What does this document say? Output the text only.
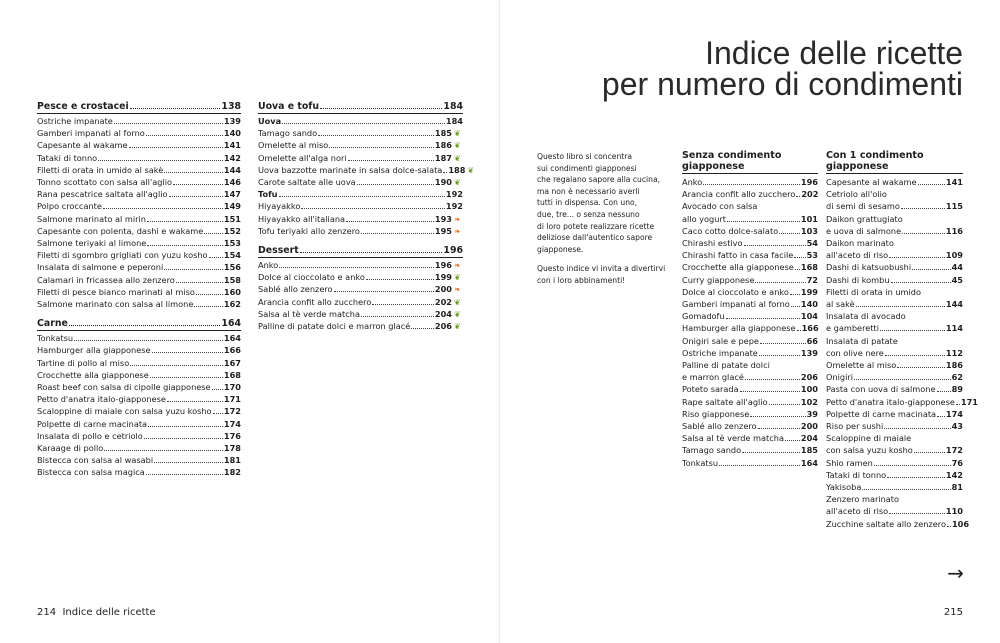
Indice delle ricette
per numero di condimenti
Pesce e crostacei	138
Ostriche impanate	139
Gamberi impanati al forno	140
Capesante al wakame	141
Tataki di tonno	142
Filetti di orata in umido al sakè	144
Tonno scottato con salsa all'aglio	146
Rana pescatrice saltata all'aglio	147
Polpo croccante	149
Salmone marinato al mirin	151
Capesante con polenta, dashi e wakame	152
Salmone teriyaki al limone	153
Filetti di sgombro grigliati con yuzu kosho 154
Insalata di salmone e peperoni	156
Calamari in fricassea allo zenzero	158
Filetti di pesce bianco marinati al miso	160
Salmone marinato con salsa al limone	162
Carne	164
Tonkatsu	164
Hamburger alla giapponese	166
Tartine di pollo al miso	167
Crocchette alla giapponese	168
Roast beef con salsa di cipolle giapponese 170
Petto d'anatra italo-giapponese	171
Scaloppine di maiale con salsa yuzu kosho 172
Polpette di carne macinata	174
Insalata di pollo e cetriolo	176
Karaage di pollo	178
Bistecca con salsa al wasabi	181
Bistecca con salsa magica	182
Uova e tofu	184
Uova	184
Tamago sando	185 ❦
Omelette al miso	186 ❦
Omelette all'alga nori	187 ❦
Uova bazzotte marinate in salsa dolce-salata 188 ❦
Carote saltate alle uova	190 ❦
Tofu	192
Hiyayakko	192
Hiyayakko all'italiana	193 ❧
Tofu teriyaki allo zenzero	195 ❧
Dessert	196
Anko	196 ❧
Dolce al cioccolato e anko	199 ❦
Sablé allo zenzero	200 ❧
Arancia confit allo zucchero	202 ❦
Salsa al tè verde matcha	204 ❦
Palline di patate dolci e marron glacé	206 ❦

Questo libro si concentra
sui condimenti giapponesi
che regalano sapore alla cucina,
ma non è necessario averli
tutti in dispensa. Con uno,
due, tre... o senza nessuno
di loro potete realizzare ricette
deliziose dall'autentico sapore
giapponese.

Questo indice vi invita a divertirvi
con i loro abbinamenti!

Senza condimento
giapponese
Anko	196
Arancia confit allo zucchero 202
Avocado con salsa
allo yogurt	101
Caco cotto dolce-salato	103
Chirashi estivo	54
Chirashi fatto in casa facile 53
Crocchette alla giapponese 168
Curry giapponese	72
Dolce al cioccolato e anko 199
Gamberi impanati al forno 140
Gomadofu	104
Hamburger alla giapponese 166
Onigiri sale e pepe	66
Ostriche impanate	139
Palline di patate dolci
e marron glacé	206
Poteto sarada	100
Rape saltate all'aglio	102
Riso giapponese	39
Sablé allo zenzero	200
Salsa al tè verde matcha 204
Tamago sando	185
Tonkatsu	164
Con 1 condimento
giapponese
Capesante al wakame	141
Cetriolo all'olio
di semi di sesamo	115
Daikon grattugiato
e uova di salmone	116
Daikon marinato
all'aceto di riso	109
Dashi di katsuobushi	44
Dashi di kombu	45
Filetti di orata in umido
al sakè	144
Insalata di avocado
e gamberetti	114
Insalata di patate
con olive nere	112
Omelette al miso	186
Onigiri	62
Pasta con uova di salmone 89
Petto d'anatra italo-giapponese 171
Polpette di carne macinata 174
Riso per sushi	43
Scaloppine di maiale
con salsa yuzu kosho	172
Shio ramen	76
Tataki di tonno	142
Yakisoba	81
Zenzero marinato
all'aceto di riso	110
Zucchine saltate allo zenzero 106
214 Indice delle ricette	215
→
